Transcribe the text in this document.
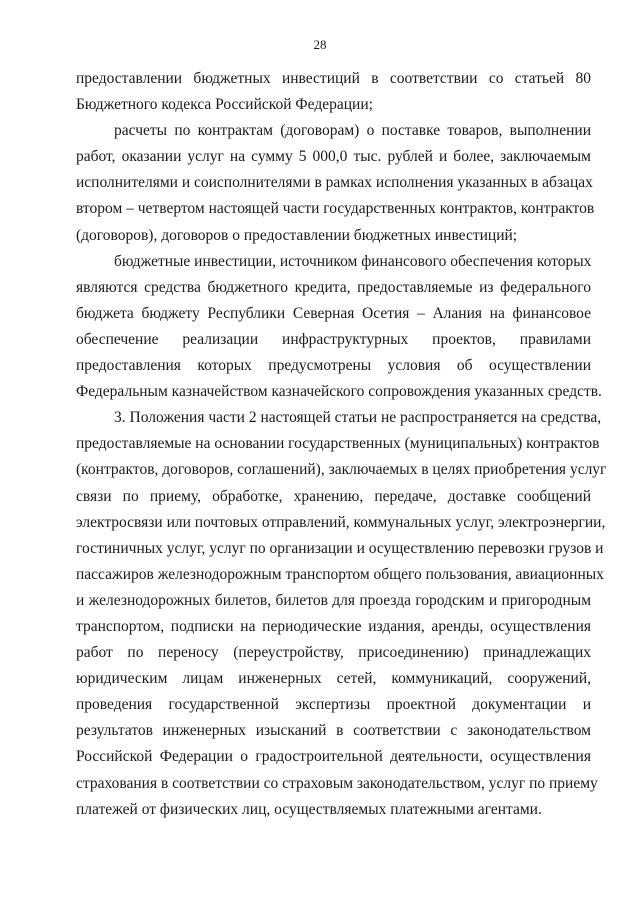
28
предоставлении бюджетных инвестиций в соответствии со статьей 80
Бюджетного кодекса Российской Федерации;
расчеты по контрактам (договорам) о поставке товаров, выполнении
работ, оказании услуг на сумму 5 000,0 тыс. рублей и более, заключаемым
исполнителями и соисполнителями в рамках исполнения указанных в абзацах
втором – четвертом настоящей части государственных контрактов, контрактов
(договоров), договоров о предоставлении бюджетных инвестиций;
бюджетные инвестиции, источником финансового обеспечения которых
являются средства бюджетного кредита, предоставляемые из федерального
бюджета бюджету Республики Северная Осетия – Алания на финансовое
обеспечение реализации инфраструктурных проектов, правилами
предоставления которых предусмотрены условия об осуществлении
Федеральным казначейством казначейского сопровождения указанных средств.
3. Положения части 2 настоящей статьи не распространяется на средства,
предоставляемые на основании государственных (муниципальных) контрактов
(контрактов, договоров, соглашений), заключаемых в целях приобретения услуг
связи по приему, обработке, хранению, передаче, доставке сообщений
электросвязи или почтовых отправлений, коммунальных услуг, электроэнергии,
гостиничных услуг, услуг по организации и осуществлению перевозки грузов и
пассажиров железнодорожным транспортом общего пользования, авиационных
и железнодорожных билетов, билетов для проезда городским и пригородным
транспортом, подписки на периодические издания, аренды, осуществления
работ по переносу (переустройству, присоединению) принадлежащих
юридическим лицам инженерных сетей, коммуникаций, сооружений,
проведения государственной экспертизы проектной документации и
результатов инженерных изысканий в соответствии с законодательством
Российской Федерации о градостроительной деятельности, осуществления
страхования в соответствии со страховым законодательством, услуг по приему
платежей от физических лиц, осуществляемых платежными агентами.
